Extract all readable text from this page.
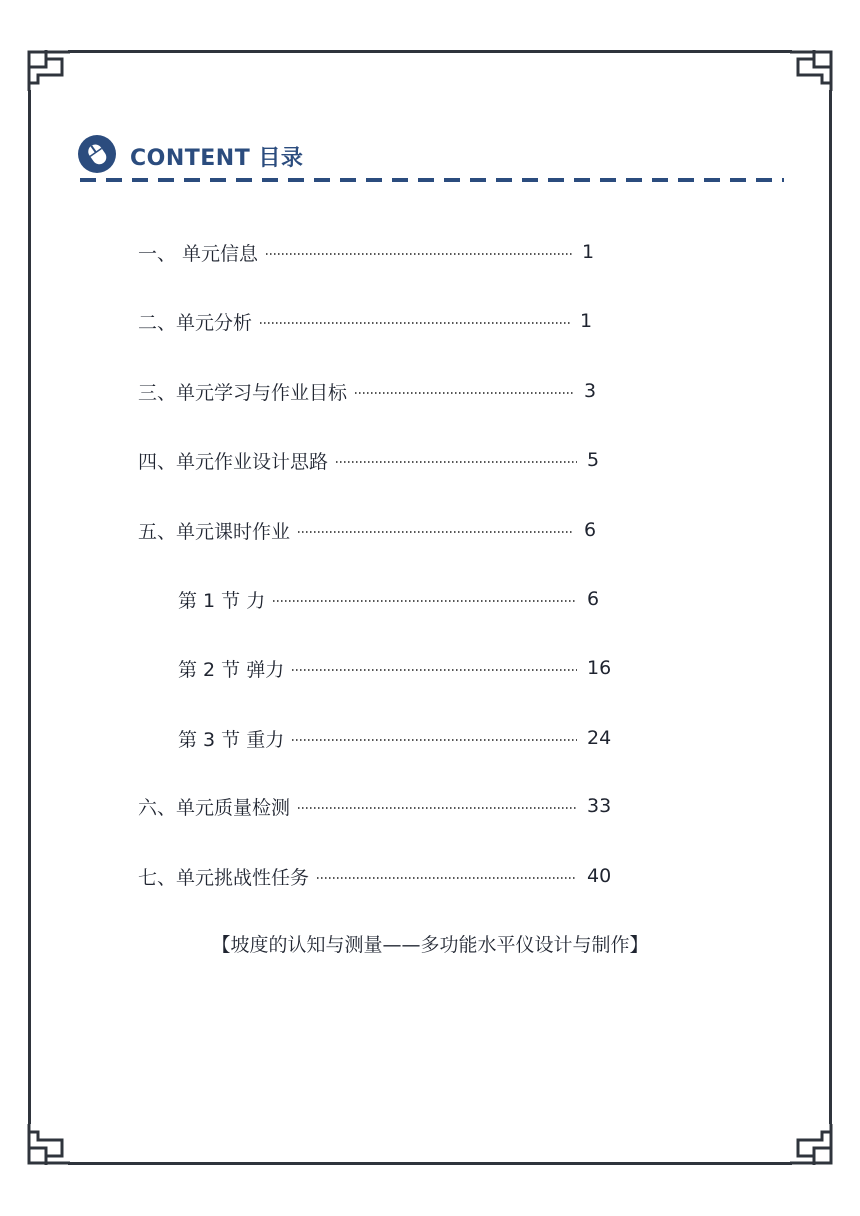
CONTENT 目录
一、 单元信息	1
二、单元分析	1
三、单元学习与作业目标	3
四、单元作业设计思路	5
五、单元课时作业	6
第 1 节 力	6
第 2 节 弹力	16
第 3 节 重力	24
六、单元质量检测	33
七、单元挑战性任务	40
【坡度的认知与测量——多功能水平仪设计与制作】
